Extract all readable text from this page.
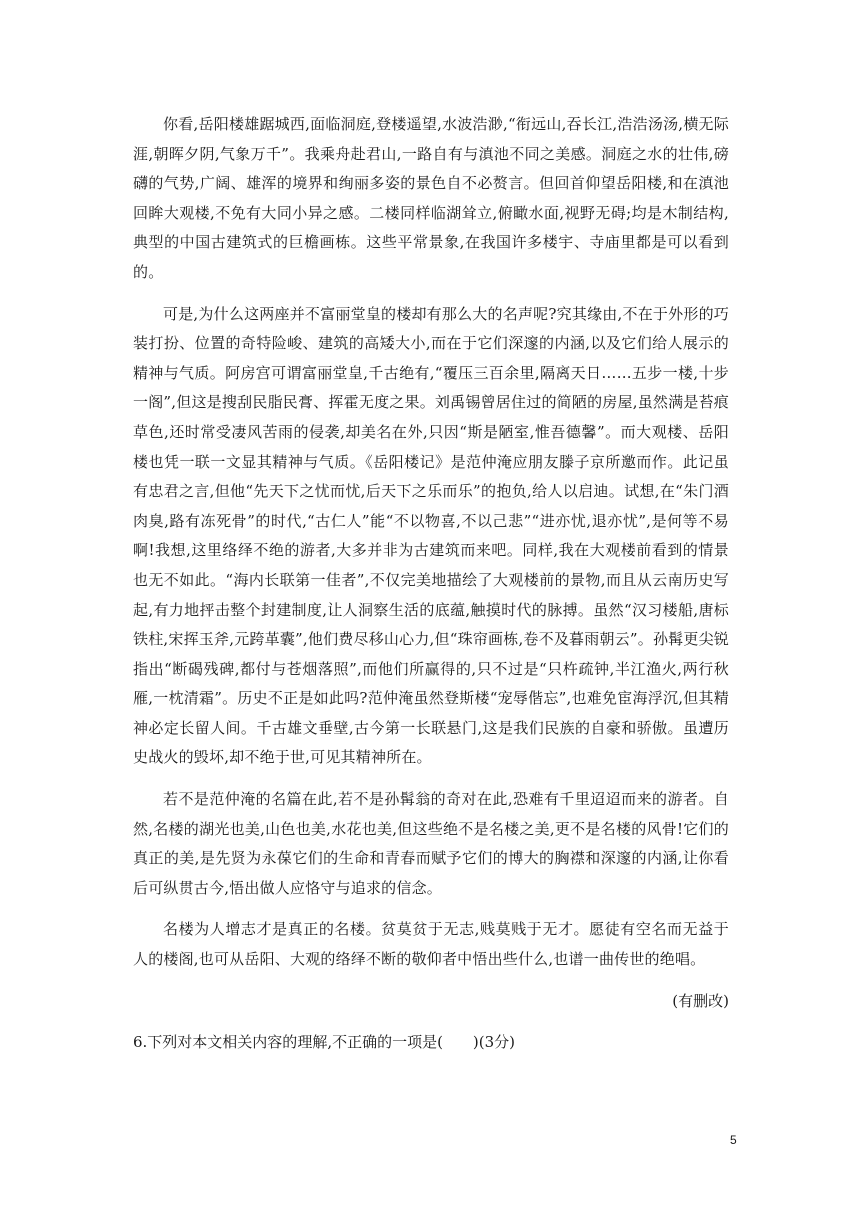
你看,岳阳楼雄踞城西,面临洞庭,登楼遥望,水波浩渺,“衔远山,吞长江,浩浩汤汤,横无际涯,朝晖夕阴,气象万千”。我乘舟赴君山,一路自有与滇池不同之美感。洞庭之水的壮伟,磅礴的气势,广阔、雄浑的境界和绚丽多姿的景色自不必赘言。但回首仰望岳阳楼,和在滇池回眸大观楼,不免有大同小异之感。二楼同样临湖耸立,俯瞰水面,视野无碍;均是木制结构,典型的中国古建筑式的巨檐画栋。这些平常景象,在我国许多楼宇、寺庙里都是可以看到的。

可是,为什么这两座并不富丽堂皇的楼却有那么大的名声呢?究其缘由,不在于外形的巧装打扮、位置的奇特险峻、建筑的高矮大小,而在于它们深邃的内涵,以及它们给人展示的精神与气质。阿房宫可谓富丽堂皇,千古绝有,“覆压三百余里,隔离天日……五步一楼,十步一阁”,但这是搜刮民脂民膏、挥霍无度之果。刘禹锡曾居住过的简陋的房屋,虽然满是苔痕草色,还时常受凄风苦雨的侵袭,却美名在外,只因“斯是陋室,惟吾德馨”。而大观楼、岳阳楼也凭一联一文显其精神与气质。《岳阳楼记》是范仲淹应朋友滕子京所邀而作。此记虽有忠君之言,但他“先天下之忧而忧,后天下之乐而乐”的抱负,给人以启迪。试想,在“朱门酒肉臭,路有冻死骨”的时代,“古仁人”能“不以物喜,不以己悲”“进亦忧,退亦忧”,是何等不易啊!我想,这里络绎不绝的游者,大多并非为古建筑而来吧。同样,我在大观楼前看到的情景也无不如此。“海内长联第一佳者”,不仅完美地描绘了大观楼前的景物,而且从云南历史写起,有力地抨击整个封建制度,让人洞察生活的底蕴,触摸时代的脉搏。虽然“汉习楼船,唐标铁柱,宋挥玉斧,元跨革囊”,他们费尽移山心力,但“珠帘画栋,卷不及暮雨朝云”。孙髯更尖锐指出“断碣残碑,都付与苍烟落照”,而他们所赢得的,只不过是“只杵疏钟,半江渔火,两行秋雁,一枕清霜”。历史不正是如此吗?范仲淹虽然登斯楼“宠辱偕忘”,也难免宦海浮沉,但其精神必定长留人间。千古雄文垂壁,古今第一长联悬门,这是我们民族的自豪和骄傲。虽遭历史战火的毁坏,却不绝于世,可见其精神所在。

若不是范仲淹的名篇在此,若不是孙髯翁的奇对在此,恐难有千里迢迢而来的游者。自然,名楼的湖光也美,山色也美,水花也美,但这些绝不是名楼之美,更不是名楼的风骨!它们的真正的美,是先贤为永葆它们的生命和青春而赋予它们的博大的胸襟和深邃的内涵,让你看后可纵贯古今,悟出做人应恪守与追求的信念。

名楼为人增志才是真正的名楼。贫莫贫于无志,贱莫贱于无才。愿徒有空名而无益于人的楼阁,也可从岳阳、大观的络绎不断的敬仰者中悟出些什么,也谱一曲传世的绝唱。

(有删改)

6.下列对本文相关内容的理解,不正确的一项是(　　)(3分)

5
